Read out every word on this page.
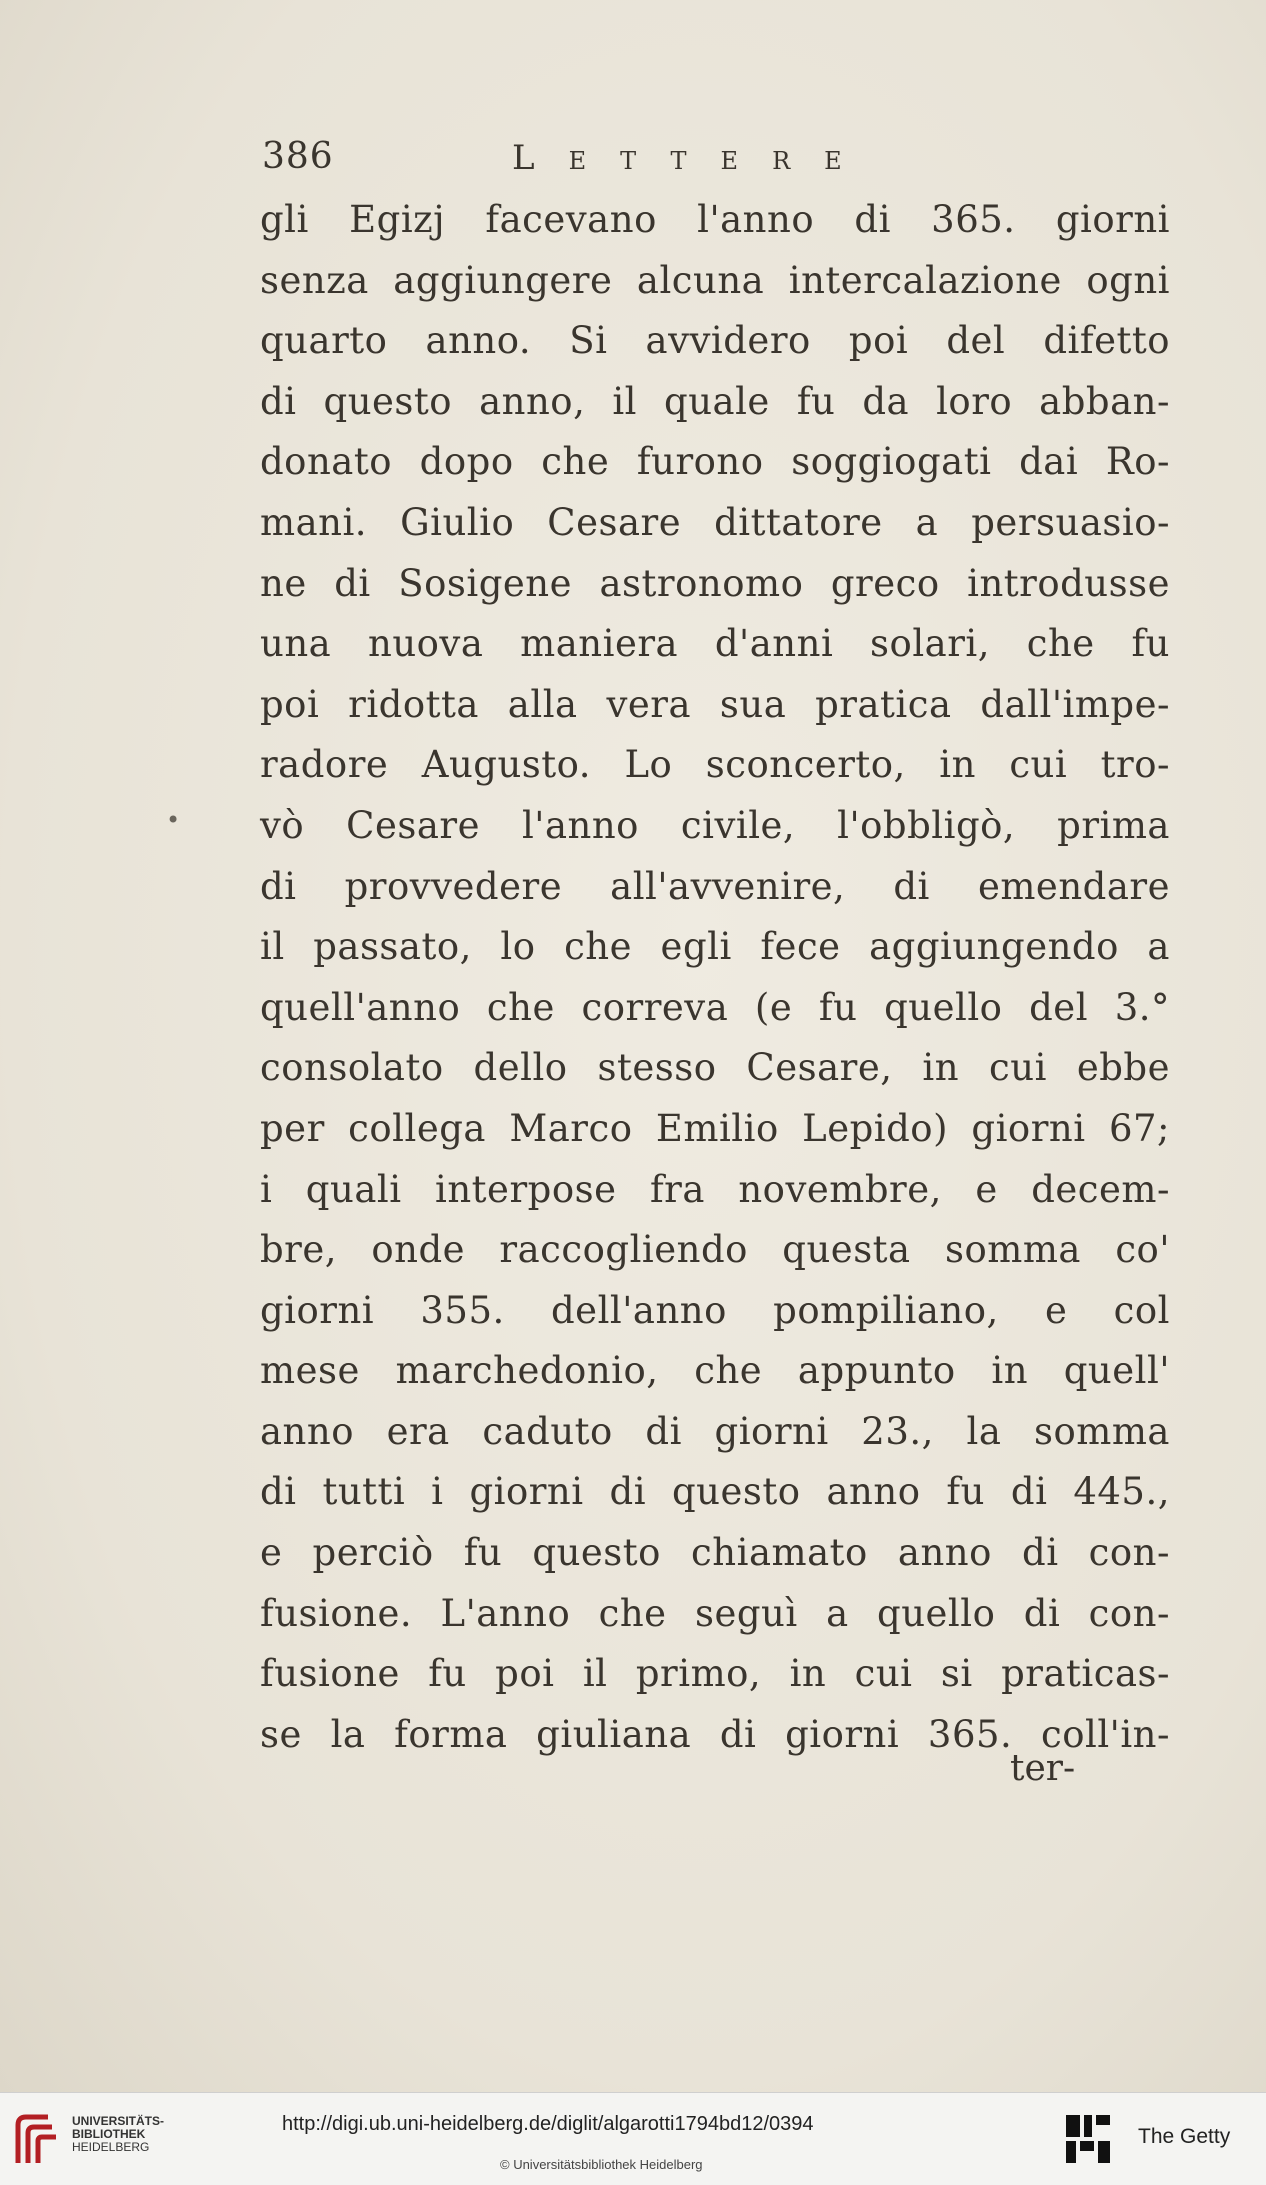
386	Lettere
•
gli Egizj facevano l'anno di 365. giorni
senza aggiungere alcuna intercalazione ogni
quarto anno. Si avvidero poi del difetto
di questo anno, il quale fu da loro abban-
donato dopo che furono soggiogati dai Ro-
mani. Giulio Cesare dittatore a persuasio-
ne di Sosigene astronomo greco introdusse
una nuova maniera d'anni solari, che fu
poi ridotta alla vera sua pratica dall'impe-
radore Augusto. Lo sconcerto, in cui tro-
vò Cesare l'anno civile, l'obbligò, prima
di provvedere all'avvenire, di emendare
il passato, lo che egli fece aggiungendo a
quell'anno che correva (e fu quello del 3.°
consolato dello stesso Cesare, in cui ebbe
per collega Marco Emilio Lepido) giorni 67;
i quali interpose fra novembre, e decem-
bre, onde raccogliendo questa somma co'
giorni 355. dell'anno pompiliano, e col
mese marchedonio, che appunto in quell'
anno era caduto di giorni 23., la somma
di tutti i giorni di questo anno fu di 445.,
e perciò fu questo chiamato anno di con-
fusione. L'anno che seguì a quello di con-
fusione fu poi il primo, in cui si praticas-
se la forma giuliana di giorni 365. coll'in-
ter-
UNIVERSITÄTS-
BIBLIOTHEK
HEIDELBERG
http://digi.ub.uni-heidelberg.de/diglit/algarotti1794bd12/0394
© Universitätsbibliothek Heidelberg
The Getty
